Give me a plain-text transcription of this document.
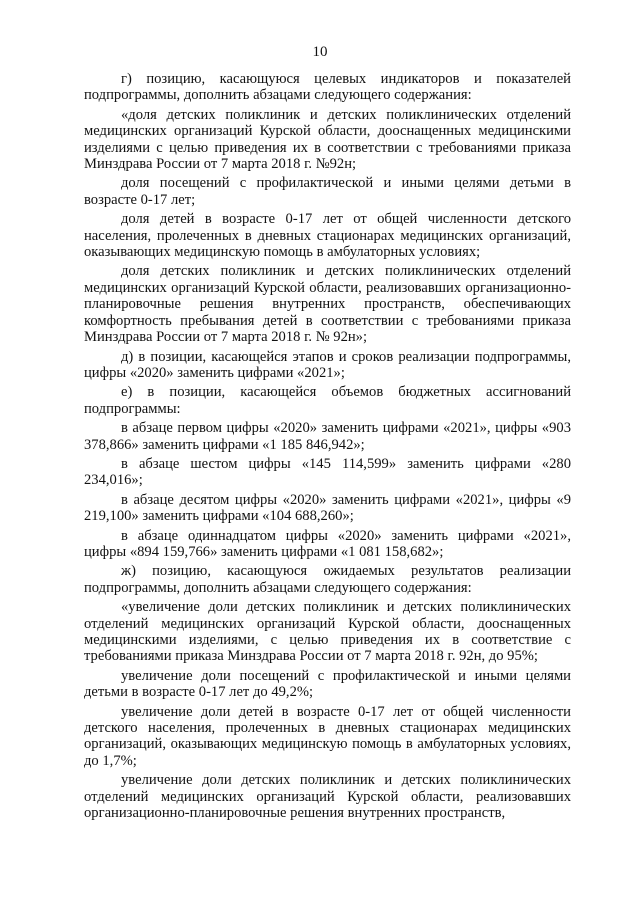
10

г) позицию, касающуюся целевых индикаторов и показателей подпрограммы, дополнить абзацами следующего содержания:

«доля детских поликлиник и детских поликлинических отделений медицинских организаций Курской области, дооснащенных медицинскими изделиями с целью приведения их в соответствии с требованиями приказа Минздрава России от 7 марта 2018 г. №92н;

доля посещений с профилактической и иными целями детьми в возрасте 0-17 лет;

доля детей в возрасте 0-17 лет от общей численности детского населения, пролеченных в дневных стационарах медицинских организаций, оказывающих медицинскую помощь в амбулаторных условиях;

доля детских поликлиник и детских поликлинических отделений медицинских организаций Курской области, реализовавших организационно-планировочные решения внутренних пространств, обеспечивающих комфортность пребывания детей в соответствии с требованиями приказа Минздрава России от 7 марта 2018 г. № 92н»;

д) в позиции, касающейся этапов и сроков реализации подпрограммы, цифры «2020» заменить цифрами «2021»;

е) в позиции, касающейся объемов бюджетных ассигнований подпрограммы:

в абзаце первом цифры «2020» заменить цифрами «2021», цифры «903 378,866» заменить цифрами «1 185 846,942»;

в абзаце шестом цифры «145 114,599» заменить цифрами «280 234,016»;

в абзаце десятом цифры «2020» заменить цифрами «2021», цифры «9 219,100» заменить цифрами «104 688,260»;

в абзаце одиннадцатом цифры «2020» заменить цифрами «2021», цифры «894 159,766» заменить цифрами «1 081 158,682»;

ж) позицию, касающуюся ожидаемых результатов реализации подпрограммы, дополнить абзацами следующего содержания:

«увеличение доли детских поликлиник и детских поликлинических отделений медицинских организаций Курской области, дооснащенных медицинскими изделиями, с целью приведения их в соответствие с требованиями приказа Минздрава России от 7 марта 2018 г. 92н, до 95%;

увеличение доли посещений с профилактической и иными целями детьми в возрасте 0-17 лет до 49,2%;

увеличение доли детей в возрасте 0-17 лет от общей численности детского населения, пролеченных в дневных стационарах медицинских организаций, оказывающих медицинскую помощь в амбулаторных условиях, до 1,7%;

увеличение доли детских поликлиник и детских поликлинических отделений медицинских организаций Курской области, реализовавших организационно-планировочные решения внутренних пространств,
